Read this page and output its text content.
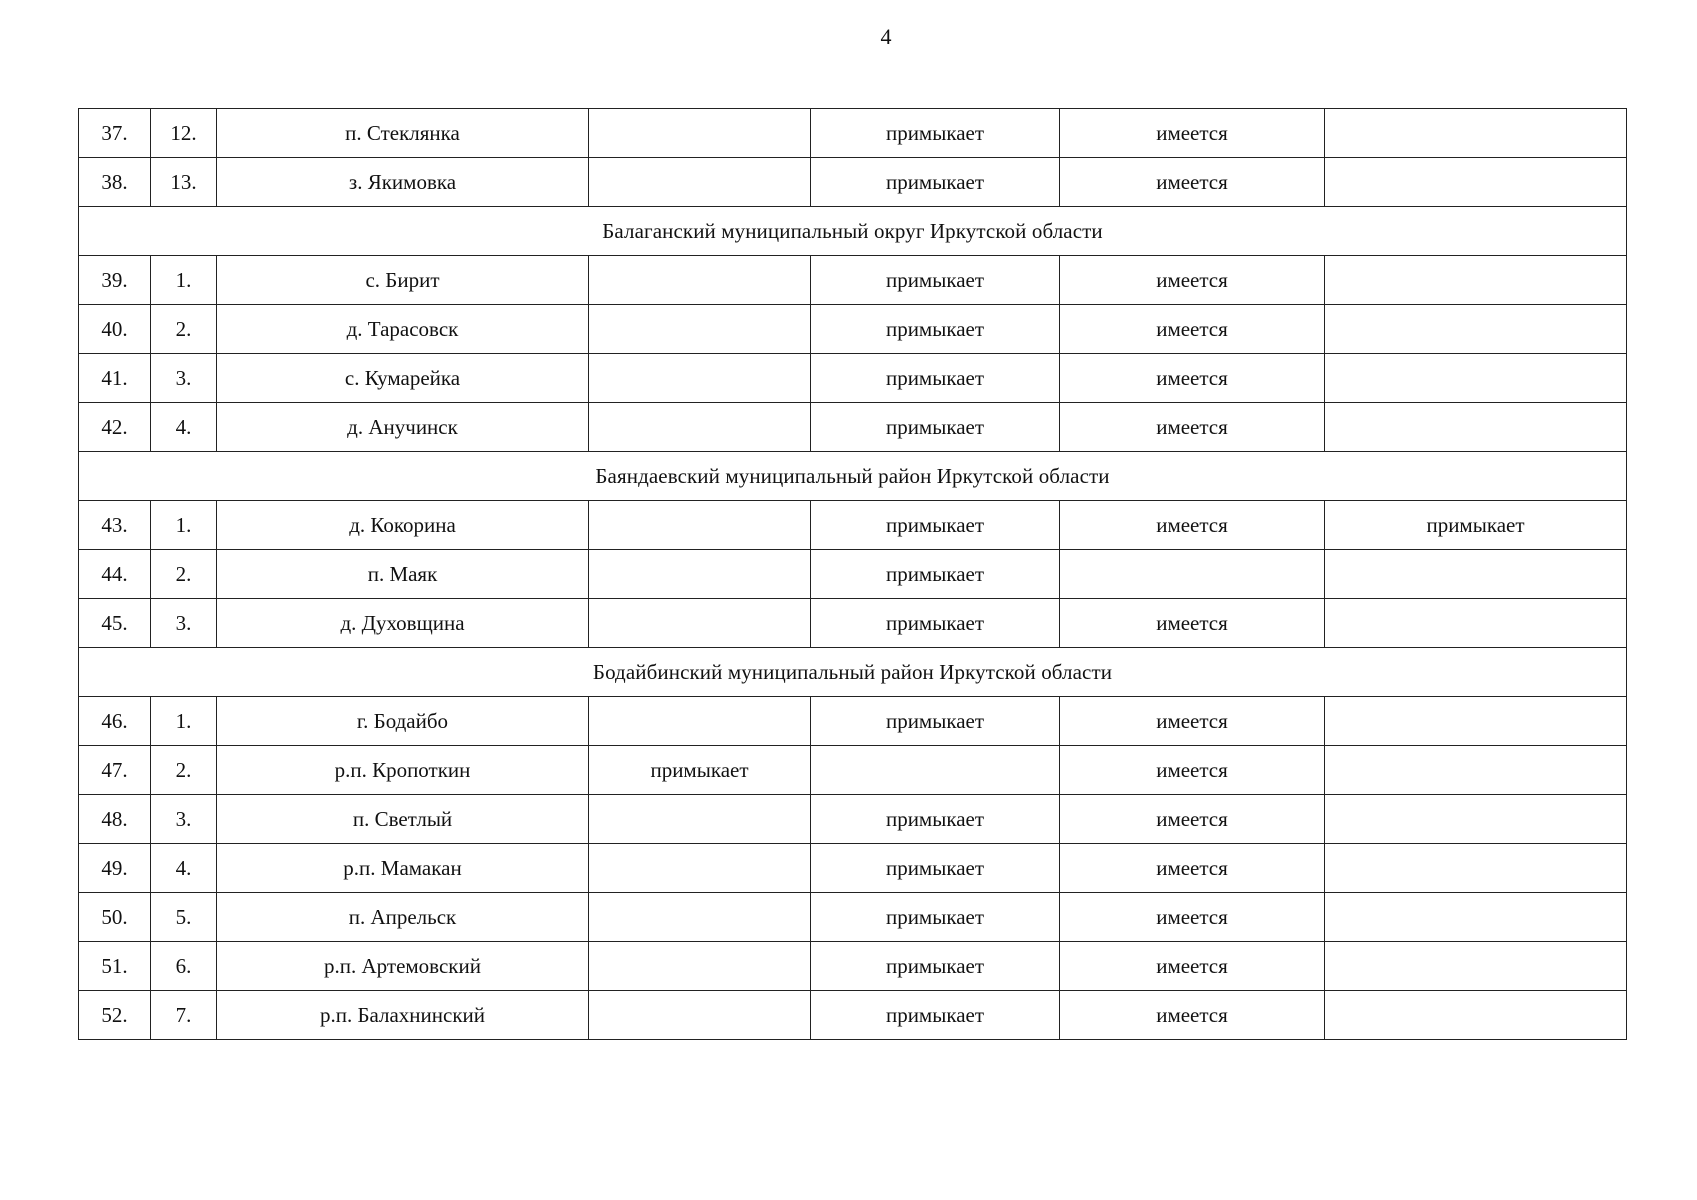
4
37.	12.	п. Стеклянка		примыкает	имеется	
38.	13.	з. Якимовка		примыкает	имеется	
Балаганский муниципальный округ Иркутской области						
39.	1.	с. Бирит		примыкает	имеется	
40.	2.	д. Тарасовск		примыкает	имеется	
41.	3.	с. Кумарейка		примыкает	имеется	
42.	4.	д. Анучинск		примыкает	имеется	
Баяндаевский муниципальный район Иркутской области						
43.	1.	д. Кокорина		примыкает	имеется	примыкает
44.	2.	п. Маяк		примыкает		
45.	3.	д. Духовщина		примыкает	имеется	
Бодайбинский муниципальный район Иркутской области						
46.	1.	г. Бодайбо		примыкает	имеется	
47.	2.	р.п. Кропоткин	примыкает		имеется	
48.	3.	п. Светлый		примыкает	имеется	
49.	4.	р.п. Мамакан		примыкает	имеется	
50.	5.	п. Апрельск		примыкает	имеется	
51.	6.	р.п. Артемовский		примыкает	имеется	
52.	7.	р.п. Балахнинский		примыкает	имеется	
